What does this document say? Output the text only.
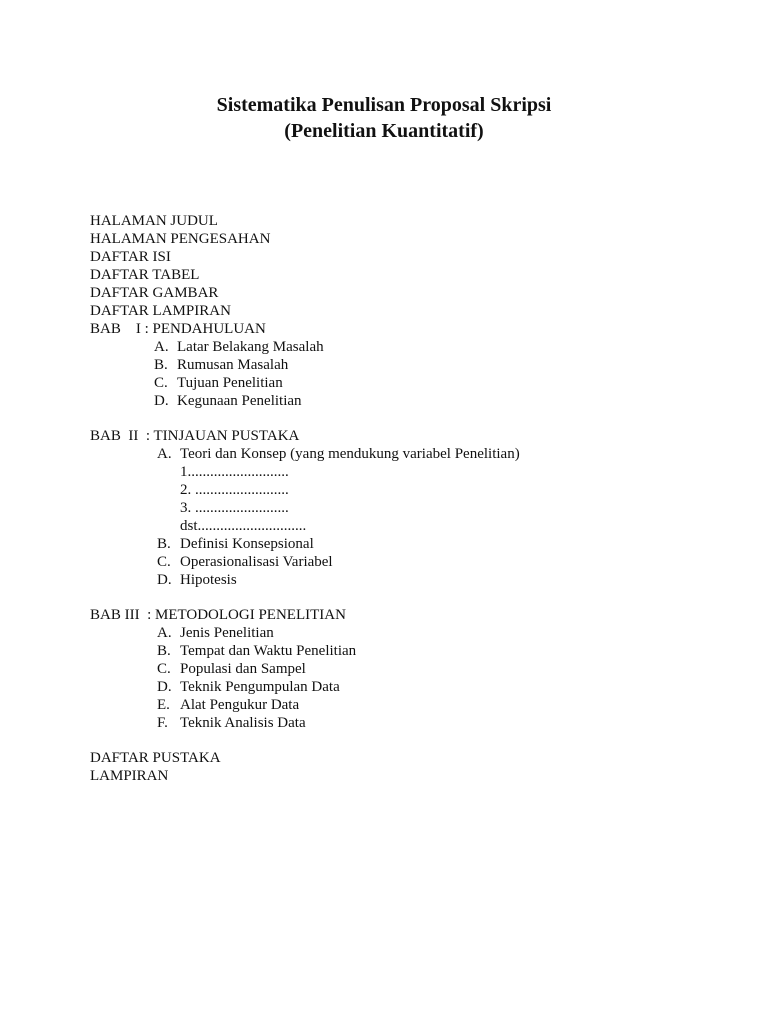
Sistematika Penulisan Proposal Skripsi
(Penelitian Kuantitatif)
HALAMAN JUDUL
HALAMAN PENGESAHAN
DAFTAR ISI
DAFTAR TABEL
DAFTAR GAMBAR
DAFTAR LAMPIRAN
BAB    I : PENDAHULUAN
A. Latar Belakang Masalah
B. Rumusan Masalah
C. Tujuan Penelitian
D. Kegunaan Penelitian
BAB  II  : TINJAUAN PUSTAKA
A. Teori dan Konsep (yang mendukung variabel Penelitian)
1...........................
2. .........................
3. .........................
dst.............................
B. Definisi Konsepsional
C. Operasionalisasi Variabel
D. Hipotesis
BAB III  : METODOLOGI PENELITIAN
A. Jenis Penelitian
B. Tempat dan Waktu Penelitian
C. Populasi dan Sampel
D. Teknik Pengumpulan Data
E. Alat Pengukur Data
F. Teknik Analisis Data
DAFTAR PUSTAKA
LAMPIRAN
